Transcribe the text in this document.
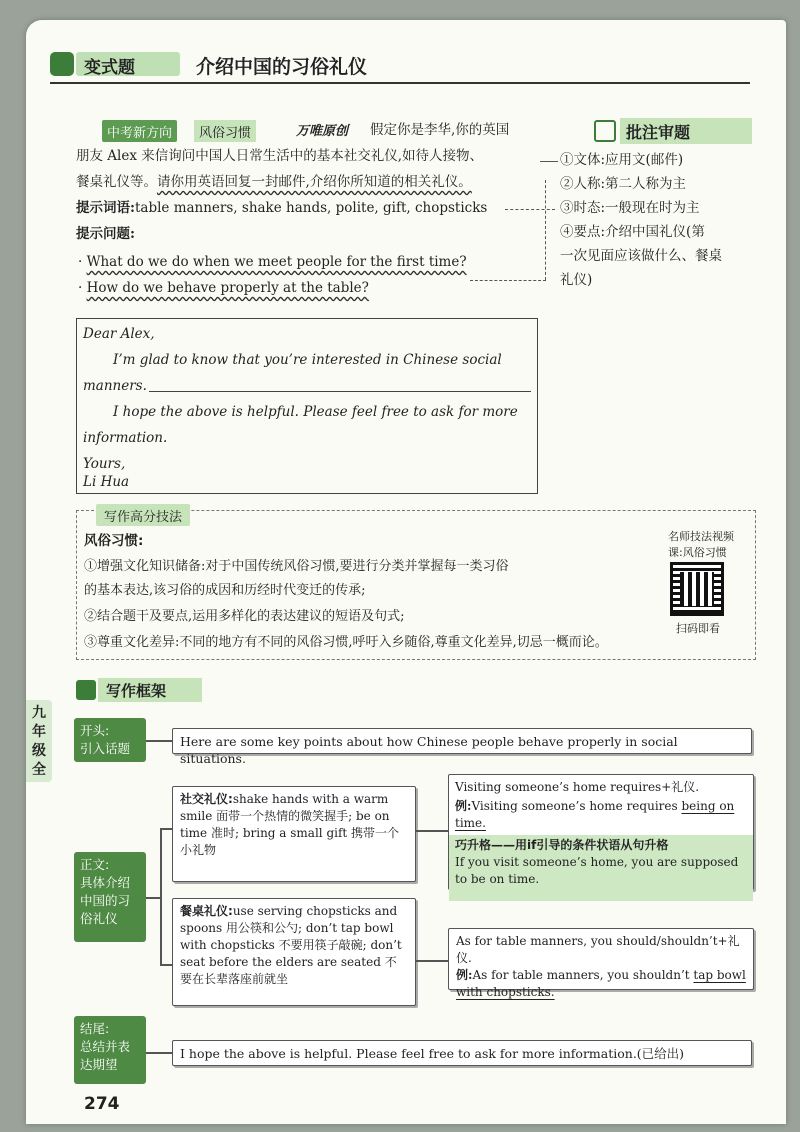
变式题	介绍中国的习俗礼仪
中考新方向	风俗习惯	万唯原创 假定你是李华,你的英国
朋友 Alex 来信询问中国人日常生活中的基本社交礼仪,如待人接物、
餐桌礼仪等。请你用英语回复一封邮件,介绍你所知道的相关礼仪。
提示词语:table manners, shake hands, polite, gift, chopsticks
提示问题:
· What do we do when we meet people for the first time?
· How do we behave properly at the table?
批注审题
①文体:应用文(邮件)
②人称:第二人称为主
③时态:一般现在时为主
④要点:介绍中国礼仪(第
一次见面应该做什么、餐桌
礼仪)

Dear Alex,

I’m glad to know that you’re interested in Chinese social

manners.

I hope the above is helpful. Please feel free to ask for more

information.

Yours,

Li Hua

写作高分技法
风俗习惯:
①增强文化知识储备:对于中国传统风俗习惯,要进行分类并掌握每一类习俗
的基本表达,该习俗的成因和历经时代变迁的传承;
②结合题干及要点,运用多样化的表达建议的短语及句式;
③尊重文化差异:不同的地方有不同的风俗习惯,呼吁入乡随俗,尊重文化差异,切忌一概而论。
名师技法视频
课:风俗习惯
扫码即看
写作框架
九年级全
开头:
引入话题	Here are some key points about how Chinese people behave properly in social situations.
正文:
具体介绍
中国的习
俗礼仪
社交礼仪:shake hands with a warm smile 面带一个热情的微笑握手; be on time 准时; bring a small gift 携带一个小礼物
餐桌礼仪:use serving chopsticks and spoons 用公筷和公勺; don’t tap bowl with chopsticks 不要用筷子敲碗; don’t seat before the elders are seated 不要在长辈落座前就坐
Visiting someone’s home requires+礼仪.
例:Visiting someone’s home requires being on time.
巧升格——用if引导的条件状语从句升格
If you visit someone’s home, you are supposed to be on time.
As for table manners, you should/shouldn’t+礼仪.
例:As for table manners, you shouldn’t tap bowl with chopsticks.
结尾:
总结并表
达期望
I hope the above is helpful. Please feel free to ask for more information.(已给出)
274
